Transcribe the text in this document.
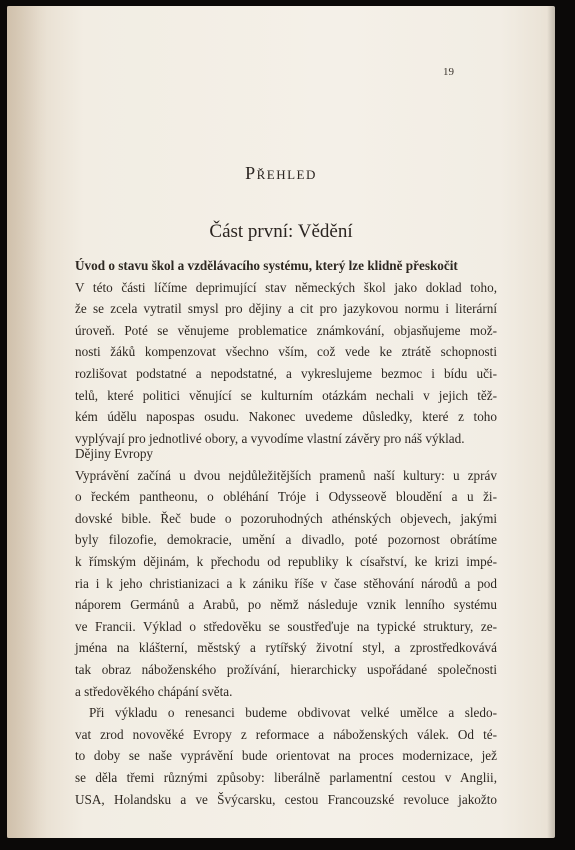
19
Přehled
Část první: Vědění
Úvod o stavu škol a vzdělávacího systému, který lze klidně přeskočit
V této části líčíme deprimující stav německých škol jako doklad toho,
že se zcela vytratil smysl pro dějiny a cit pro jazykovou normu i literární
úroveň. Poté se věnujeme problematice známkování, objasňujeme mož-
nosti žáků kompenzovat všechno vším, což vede ke ztrátě schopnosti
rozlišovat podstatné a nepodstatné, a vykreslujeme bezmoc i bídu uči-
telů, které politici věnující se kulturním otázkám nechali v jejich těž-
kém údělu napospas osudu. Nakonec uvedeme důsledky, které z toho
vyplývají pro jednotlivé obory, a vyvodíme vlastní závěry pro náš výklad.
Dějiny Evropy
Vyprávění začíná u dvou nejdůležitějších pramenů naší kultury: u zpráv
o řeckém pantheonu, o obléhání Tróje i Odysseově bloudění a u ži-
dovské bible. Řeč bude o pozoruhodných athénských objevech, jakými
byly filozofie, demokracie, umění a divadlo, poté pozornost obrátíme
k římským dějinám, k přechodu od republiky k císařství, ke krizi impé-
ria i k jeho christianizaci a k zániku říše v čase stěhování národů a pod
náporem Germánů a Arabů, po němž následuje vznik lenního systému
ve Francii. Výklad o středověku se soustřeďuje na typické struktury, ze-
jména na klášterní, městský a rytířský životní styl, a zprostředkovává
tak obraz náboženského prožívání, hierarchicky uspořádané společnosti
a středověkého chápání světa.
Při výkladu o renesanci budeme obdivovat velké umělce a sledo-
vat zrod novověké Evropy z reformace a náboženských válek. Od té-
to doby se naše vyprávění bude orientovat na proces modernizace, jež
se děla třemi různými způsoby: liberálně parlamentní cestou v Anglii,
USA, Holandsku a ve Švýcarsku, cestou Francouzské revoluce jakožto
